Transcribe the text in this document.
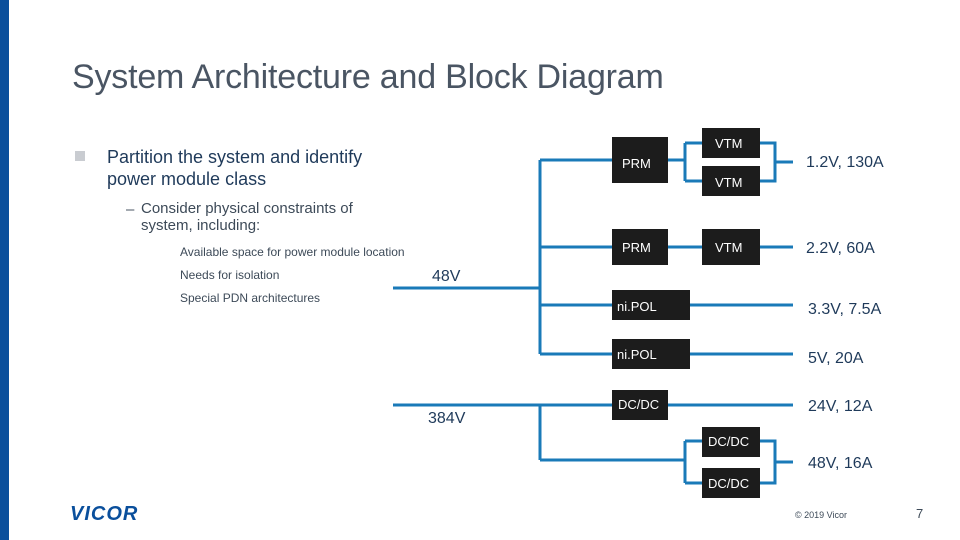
System Architecture and Block Diagram
Partition the system and identify power module class
– Consider physical constraints of system, including:
Available space for power module location
Needs for isolation
Special PDN architectures
PRM
VTM
VTM
1.2V, 130A
PRM	VTM	2.2V, 60A
48V
384V
ni.POL	3.3V, 7.5A
ni.POL	5V, 20A
DC/DC	24V, 12A
DC/DC
DC/DC
48V, 16A
VICOR	© 2019 Vicor	7
